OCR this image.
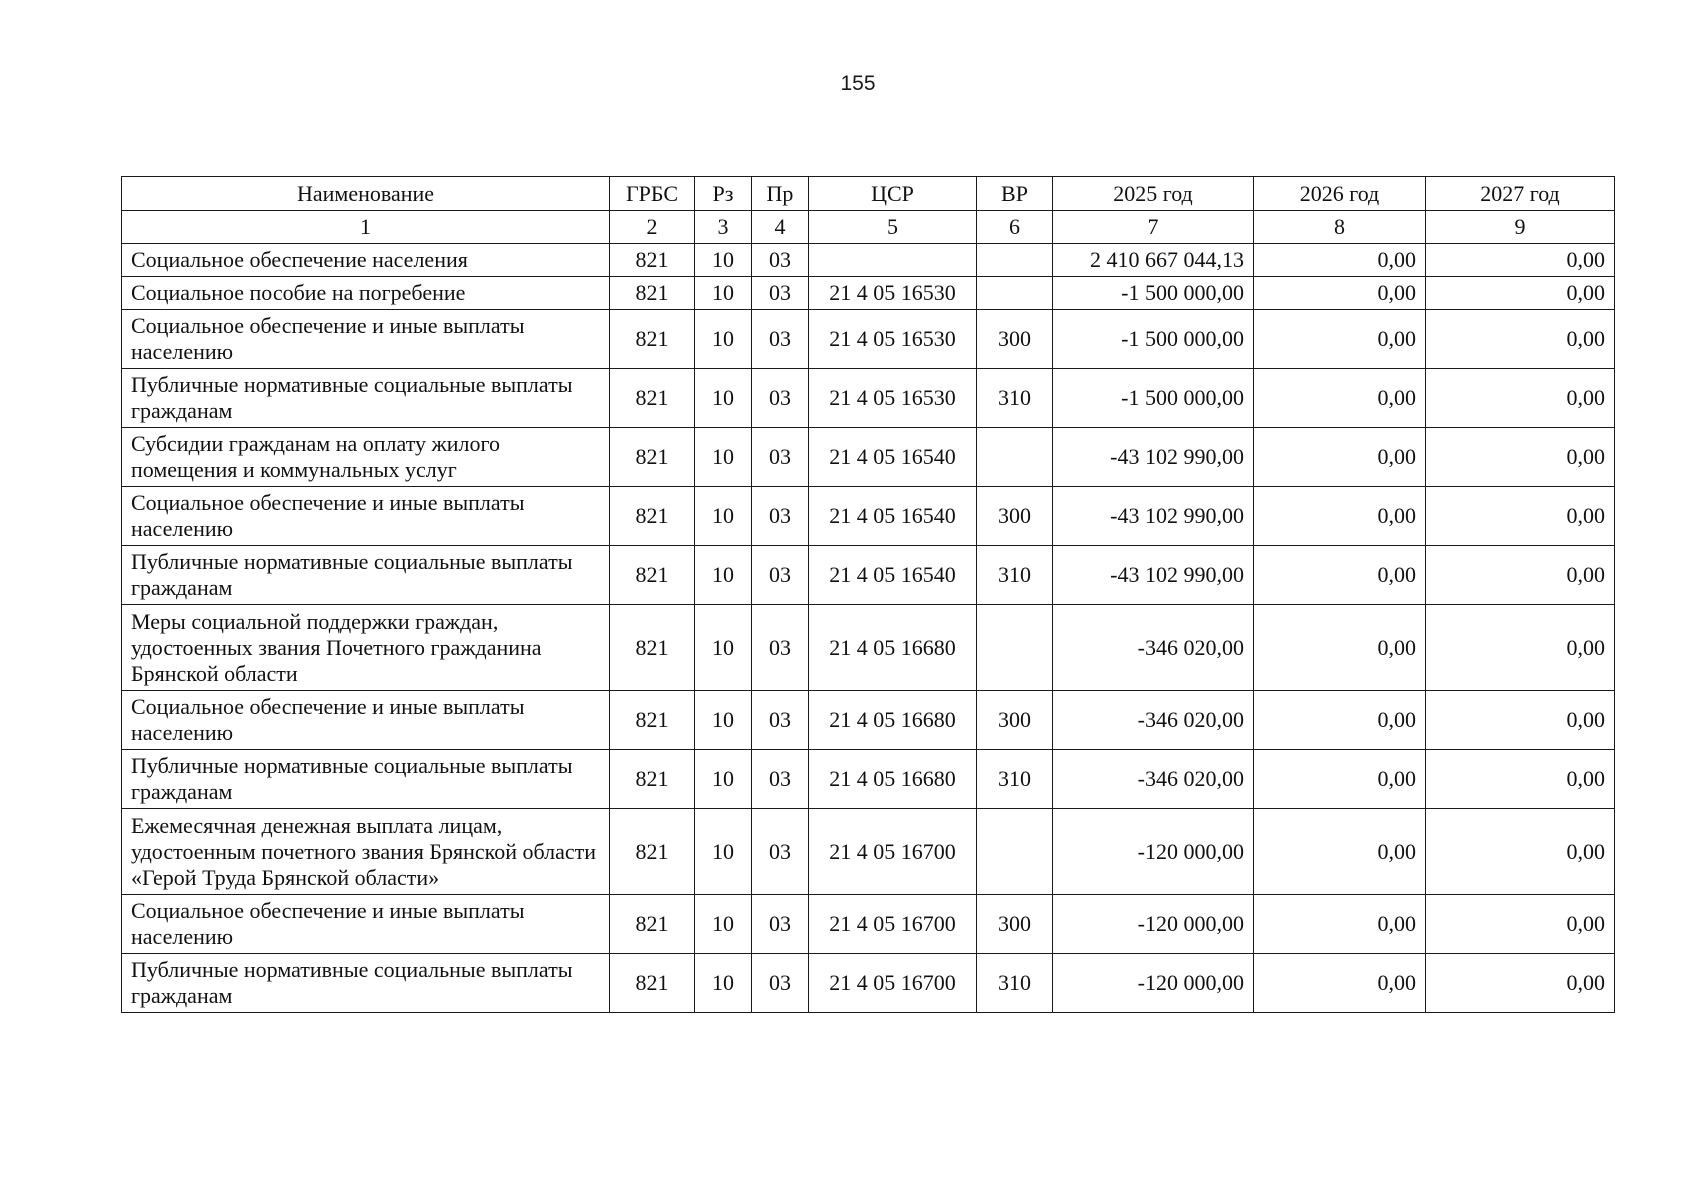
155
Наименование	ГРБС	Рз	Пр	ЦСР	ВР	2025 год	2026 год	2027 год
1	2	3	4	5	6	7	8	9
Социальное обеспечение населения	821	10	03			2 410 667 044,13	0,00	0,00
Социальное пособие на погребение	821	10	03	21 4 05 16530		-1 500 000,00	0,00	0,00
Социальное обеспечение и иные выплаты населению	821	10	03	21 4 05 16530	300	-1 500 000,00	0,00	0,00
Публичные нормативные социальные выплаты гражданам	821	10	03	21 4 05 16530	310	-1 500 000,00	0,00	0,00
Субсидии гражданам на оплату жилого помещения и коммунальных услуг	821	10	03	21 4 05 16540		-43 102 990,00	0,00	0,00
Социальное обеспечение и иные выплаты населению	821	10	03	21 4 05 16540	300	-43 102 990,00	0,00	0,00
Публичные нормативные социальные выплаты гражданам	821	10	03	21 4 05 16540	310	-43 102 990,00	0,00	0,00
Меры социальной поддержки граждан, удостоенных звания Почетного гражданина Брянской области	821	10	03	21 4 05 16680		-346 020,00	0,00	0,00
Социальное обеспечение и иные выплаты населению	821	10	03	21 4 05 16680	300	-346 020,00	0,00	0,00
Публичные нормативные социальные выплаты гражданам	821	10	03	21 4 05 16680	310	-346 020,00	0,00	0,00
Ежемесячная денежная выплата лицам, удостоенным почетного звания Брянской области «Герой Труда Брянской области»	821	10	03	21 4 05 16700		-120 000,00	0,00	0,00
Социальное обеспечение и иные выплаты населению	821	10	03	21 4 05 16700	300	-120 000,00	0,00	0,00
Публичные нормативные социальные выплаты гражданам	821	10	03	21 4 05 16700	310	-120 000,00	0,00	0,00
